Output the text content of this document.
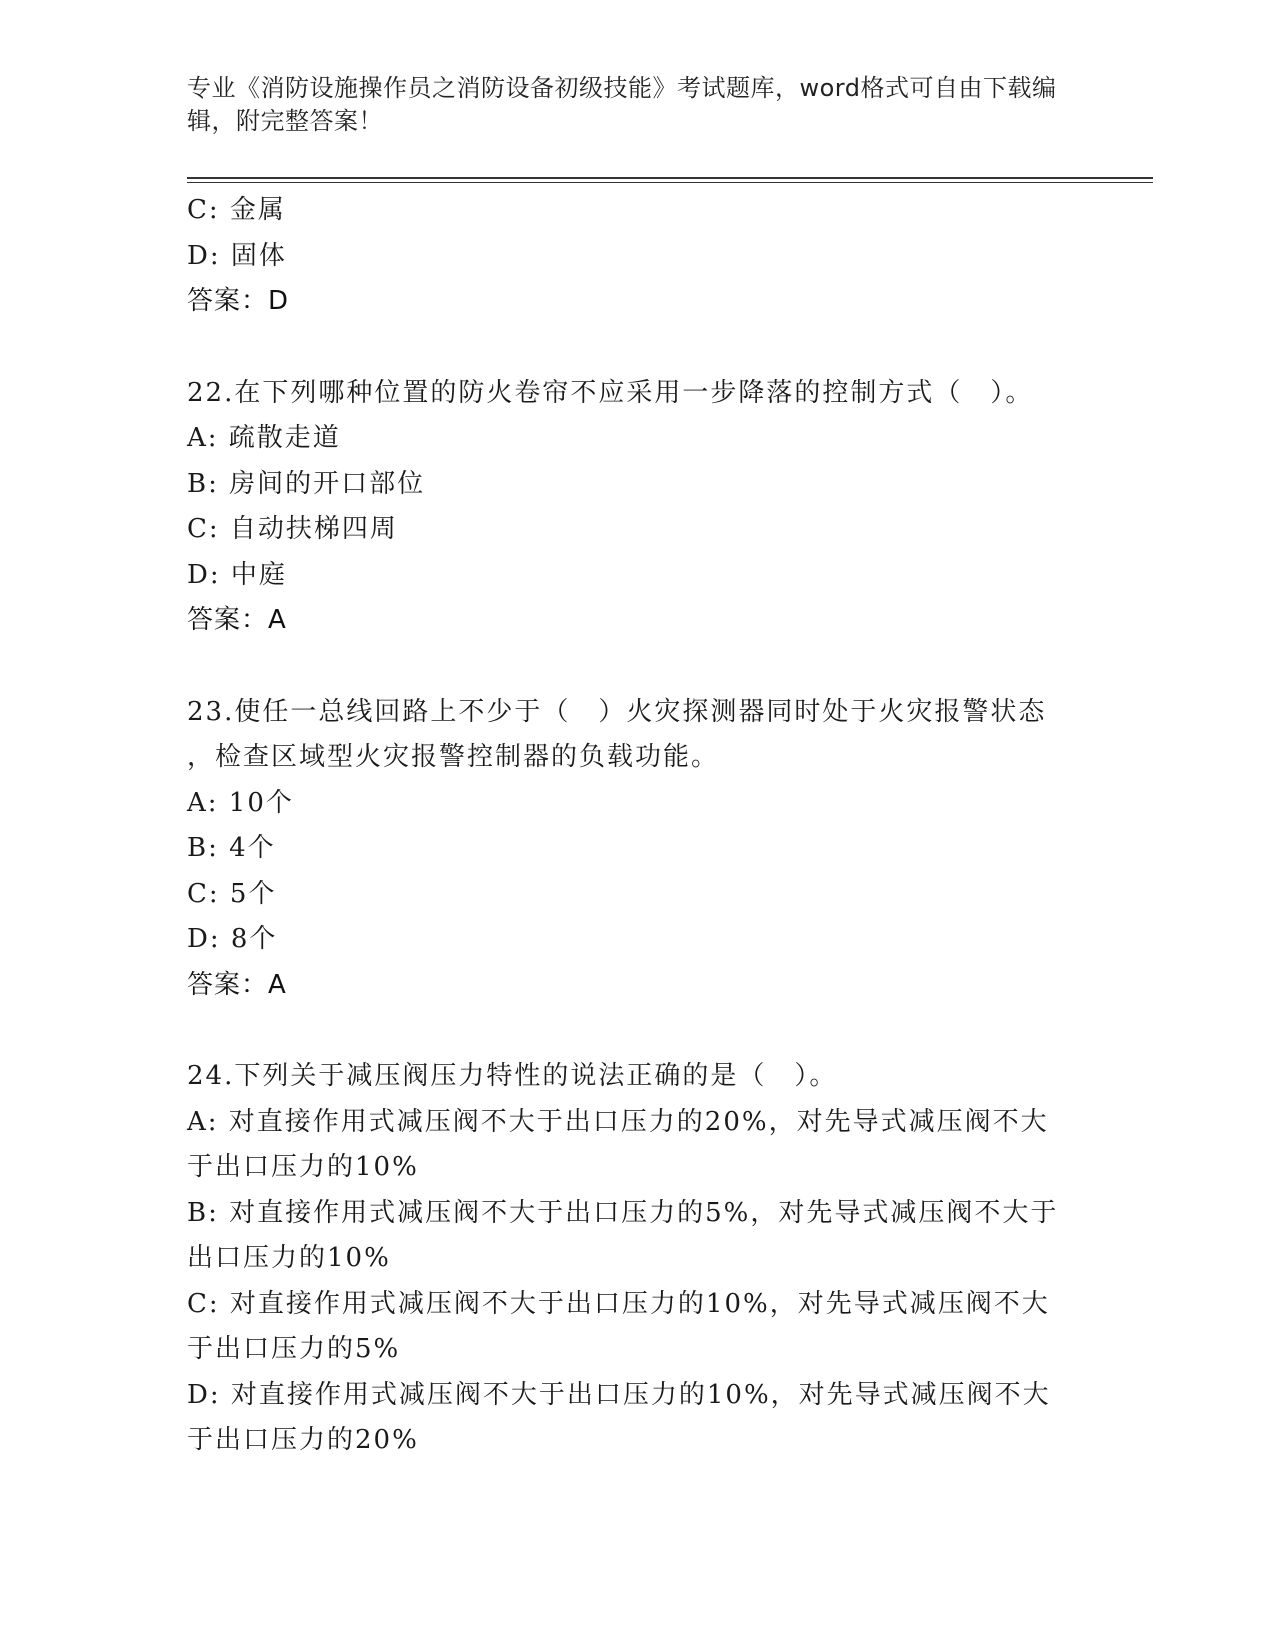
专业《消防设施操作员之消防设备初级技能》考试题库，word格式可自由下载编
辑，附完整答案！
C: 金属
D: 固体
答案：D
22.在下列哪种位置的防火卷帘不应采用一步降落的控制方式（　）。
A: 疏散走道
B: 房间的开口部位
C: 自动扶梯四周
D: 中庭
答案：A
23.使任一总线回路上不少于（　）火灾探测器同时处于火灾报警状态
，检查区域型火灾报警控制器的负载功能。
A: 10个
B: 4个
C: 5个
D: 8个
答案：A
24.下列关于减压阀压力特性的说法正确的是（　）。
A: 对直接作用式减压阀不大于出口压力的20%，对先导式减压阀不大
于出口压力的10%
B: 对直接作用式减压阀不大于出口压力的5%，对先导式减压阀不大于
出口压力的10%
C: 对直接作用式减压阀不大于出口压力的10%，对先导式减压阀不大
于出口压力的5%
D: 对直接作用式减压阀不大于出口压力的10%，对先导式减压阀不大
于出口压力的20%
